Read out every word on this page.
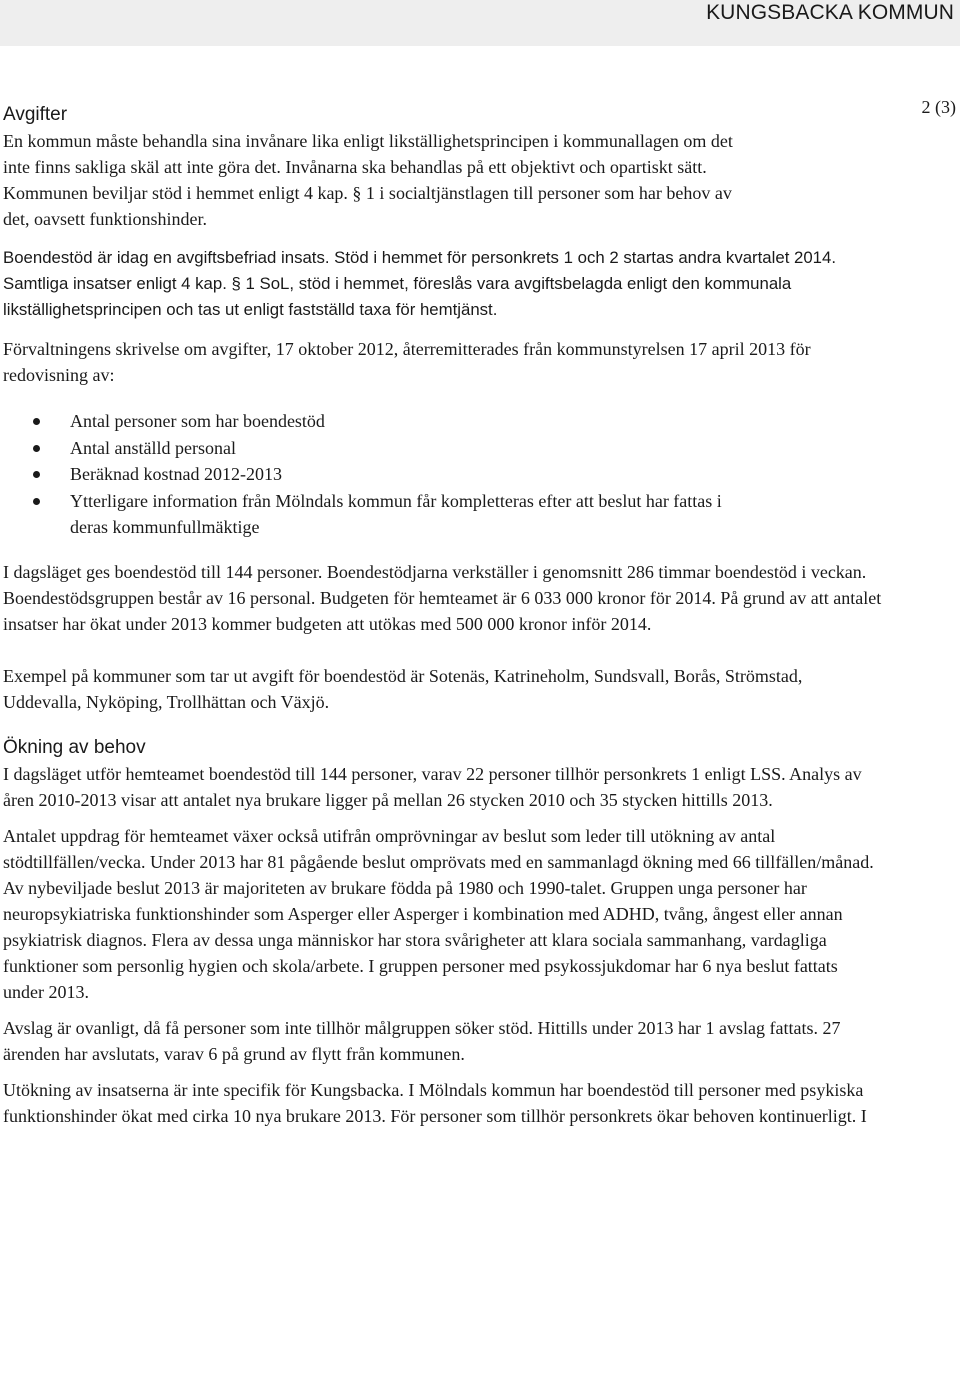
KUNGSBACKA KOMMUN
2 (3)
Avgifter

En kommun måste behandla sina invånare lika enligt likställighetsprincipen i kommunallagen om det inte finns sakliga skäl att inte göra det. Invånarna ska behandlas på ett objektivt och opartiskt sätt. Kommunen beviljar stöd i hemmet enligt 4 kap. § 1 i socialtjänstlagen till personer som har behov av det, oavsett funktionshinder.

Boendestöd är idag en avgiftsbefriad insats. Stöd i hemmet för personkrets 1 och 2 startas andra kvartalet 2014. Samtliga insatser enligt 4 kap. § 1 SoL, stöd i hemmet, föreslås vara avgiftsbelagda enligt den kommunala likställighetsprincipen och tas ut enligt fastställd taxa för hemtjänst.

Förvaltningens skrivelse om avgifter, 17 oktober 2012, återremitterades från kommunstyrelsen 17 april 2013 för redovisning av:

Antal personer som har boendestöd
Antal anställd personal
Beräknad kostnad 2012-2013
Ytterligare information från Mölndals kommun får kompletteras efter att beslut har fattas i deras kommunfullmäktige

I dagsläget ges boendestöd till 144 personer. Boendestödjarna verkställer i genomsnitt 286 timmar boendestöd i veckan. Boendestödsgruppen består av 16 personal. Budgeten för hemteamet är 6 033 000 kronor för 2014. På grund av att antalet insatser har ökat under 2013 kommer budgeten att utökas med 500 000 kronor inför 2014.

Exempel på kommuner som tar ut avgift för boendestöd är Sotenäs, Katrineholm, Sundsvall, Borås, Strömstad, Uddevalla, Nyköping, Trollhättan och Växjö.

Ökning av behov

I dagsläget utför hemteamet boendestöd till 144 personer, varav 22 personer tillhör personkrets 1 enligt LSS. Analys av åren 2010-2013 visar att antalet nya brukare ligger på mellan 26 stycken 2010 och 35 stycken hittills 2013.

Antalet uppdrag för hemteamet växer också utifrån omprövningar av beslut som leder till utökning av antal stödtillfällen/vecka. Under 2013 har 81 pågående beslut omprövats med en sammanlagd ökning med 66 tillfällen/månad. Av nybeviljade beslut 2013 är majoriteten av brukare födda på 1980 och 1990-talet. Gruppen unga personer har neuropsykiatriska funktionshinder som Asperger eller Asperger i kombination med ADHD, tvång, ångest eller annan psykiatrisk diagnos. Flera av dessa unga människor har stora svårigheter att klara sociala sammanhang, vardagliga funktioner som personlig hygien och skola/arbete. I gruppen personer med psykossjukdomar har 6 nya beslut fattats under 2013.

Avslag är ovanligt, då få personer som inte tillhör målgruppen söker stöd. Hittills under 2013 har 1 avslag fattats. 27 ärenden har avslutats, varav 6 på grund av flytt från kommunen.

Utökning av insatserna är inte specifik för Kungsbacka. I Mölndals kommun har boendestöd till personer med psykiska funktionshinder ökat med cirka 10 nya brukare 2013. För personer som tillhör personkrets ökar behoven kontinuerligt. I
